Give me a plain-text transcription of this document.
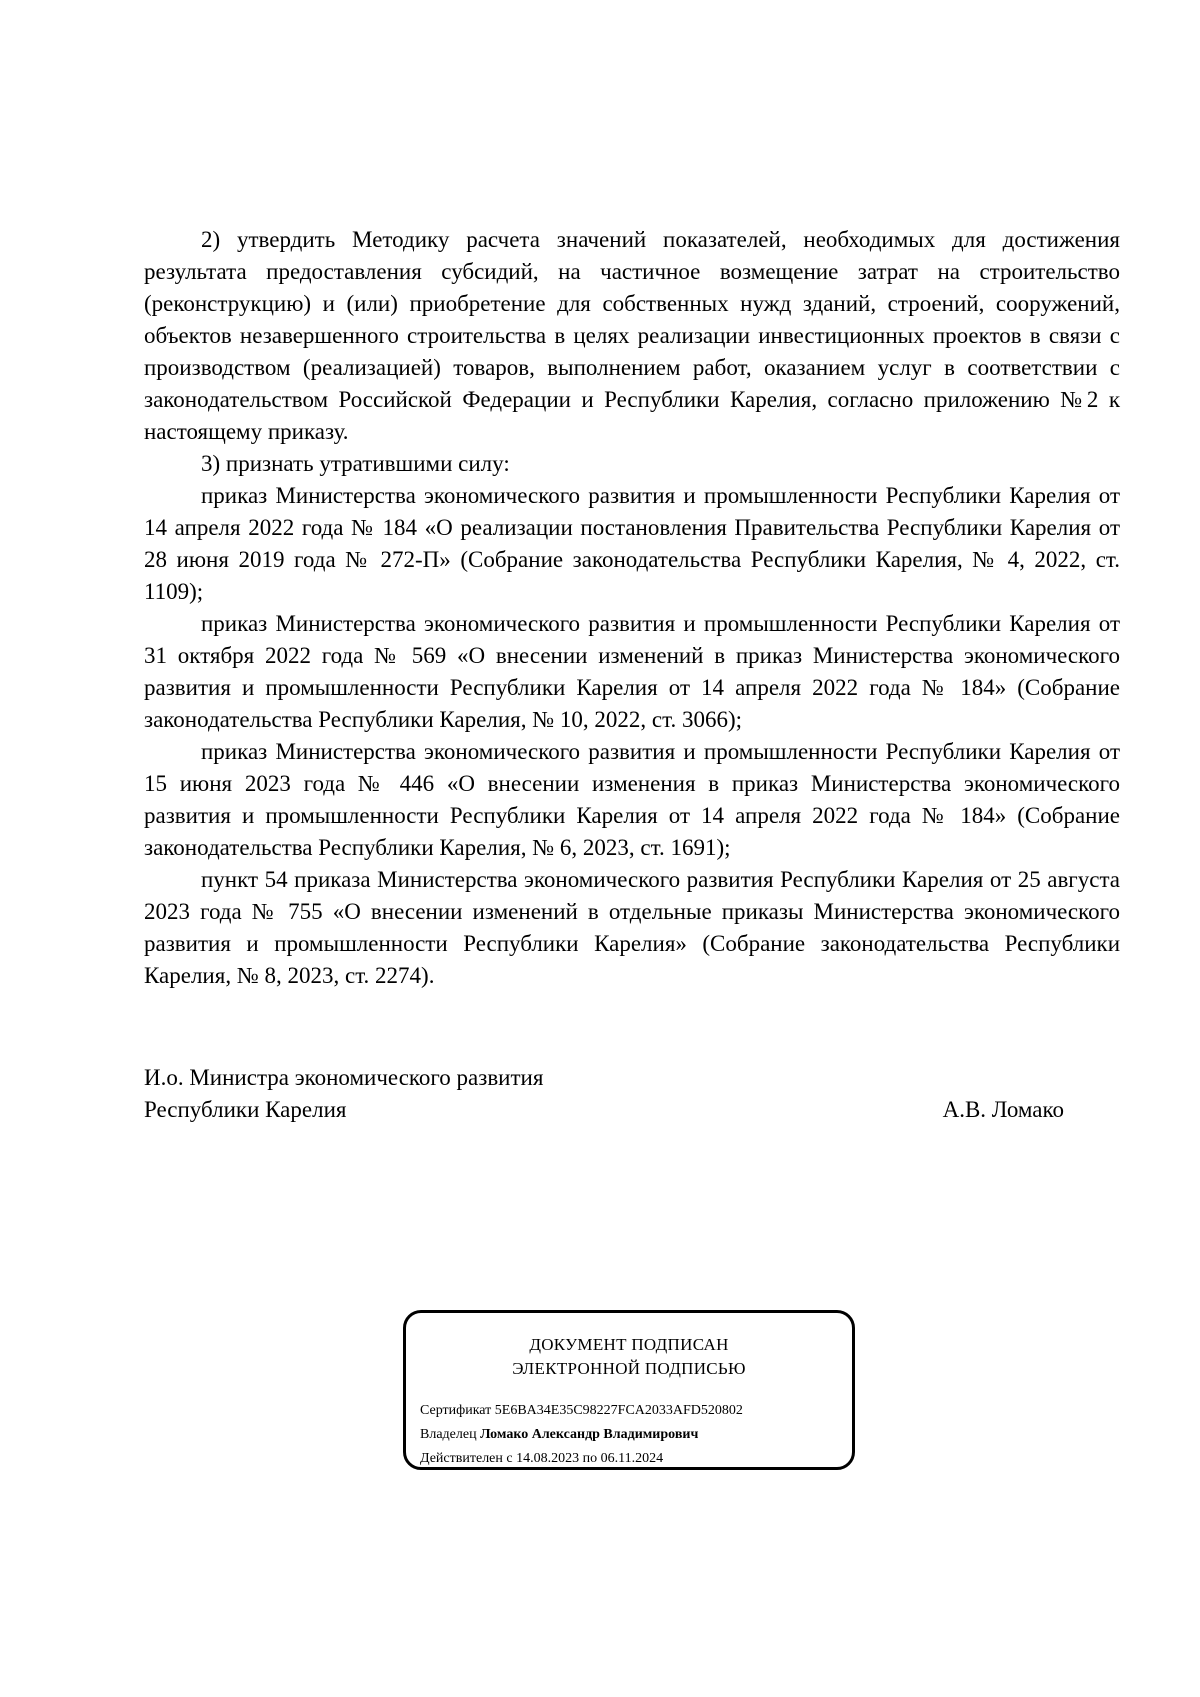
2) утвердить Методику расчета значений показателей, необходимых для достижения результата предоставления субсидий, на частичное возмещение затрат на строительство (реконструкцию) и (или) приобретение для собственных нужд зданий, строений, сооружений, объектов незавершенного строительства в целях реализации инвестиционных проектов в связи с производством (реализацией) товаров, выполнением работ, оказанием услуг в соответствии с законодательством Российской Федерации и Республики Карелия, согласно приложению №2 к настоящему приказу.

3) признать утратившими силу:

приказ Министерства экономического развития и промышленности Республики Карелия от 14 апреля 2022 года № 184 «О реализации постановления Правительства Республики Карелия от 28 июня 2019 года № 272-П» (Собрание законодательства Республики Карелия, № 4, 2022, ст. 1109);

приказ Министерства экономического развития и промышленности Республики Карелия от 31 октября 2022 года № 569 «О внесении изменений в приказ Министерства экономического развития и промышленности Республики Карелия от 14 апреля 2022 года № 184» (Собрание законодательства Республики Карелия, № 10, 2022, ст. 3066);

приказ Министерства экономического развития и промышленности Республики Карелия от 15 июня 2023 года № 446 «О внесении изменения в приказ Министерства экономического развития и промышленности Республики Карелия от 14 апреля 2022 года № 184» (Собрание законодательства Республики Карелия, № 6, 2023, ст. 1691);

пункт 54 приказа Министерства экономического развития Республики Карелия от 25 августа 2023 года № 755 «О внесении изменений в отдельные приказы Министерства экономического развития и промышленности Республики Карелия» (Собрание законодательства Республики Карелия, № 8, 2023, ст. 2274).

И.о. Министра экономического развития
Республики Карелия	А.В. Ломако
ДОКУМЕНТ ПОДПИСАН
ЭЛЕКТРОННОЙ ПОДПИСЬЮ
Сертификат 5E6BA34E35C98227FCA2033AFD520802
Владелец Ломако Александр Владимирович
Действителен с 14.08.2023 по 06.11.2024
